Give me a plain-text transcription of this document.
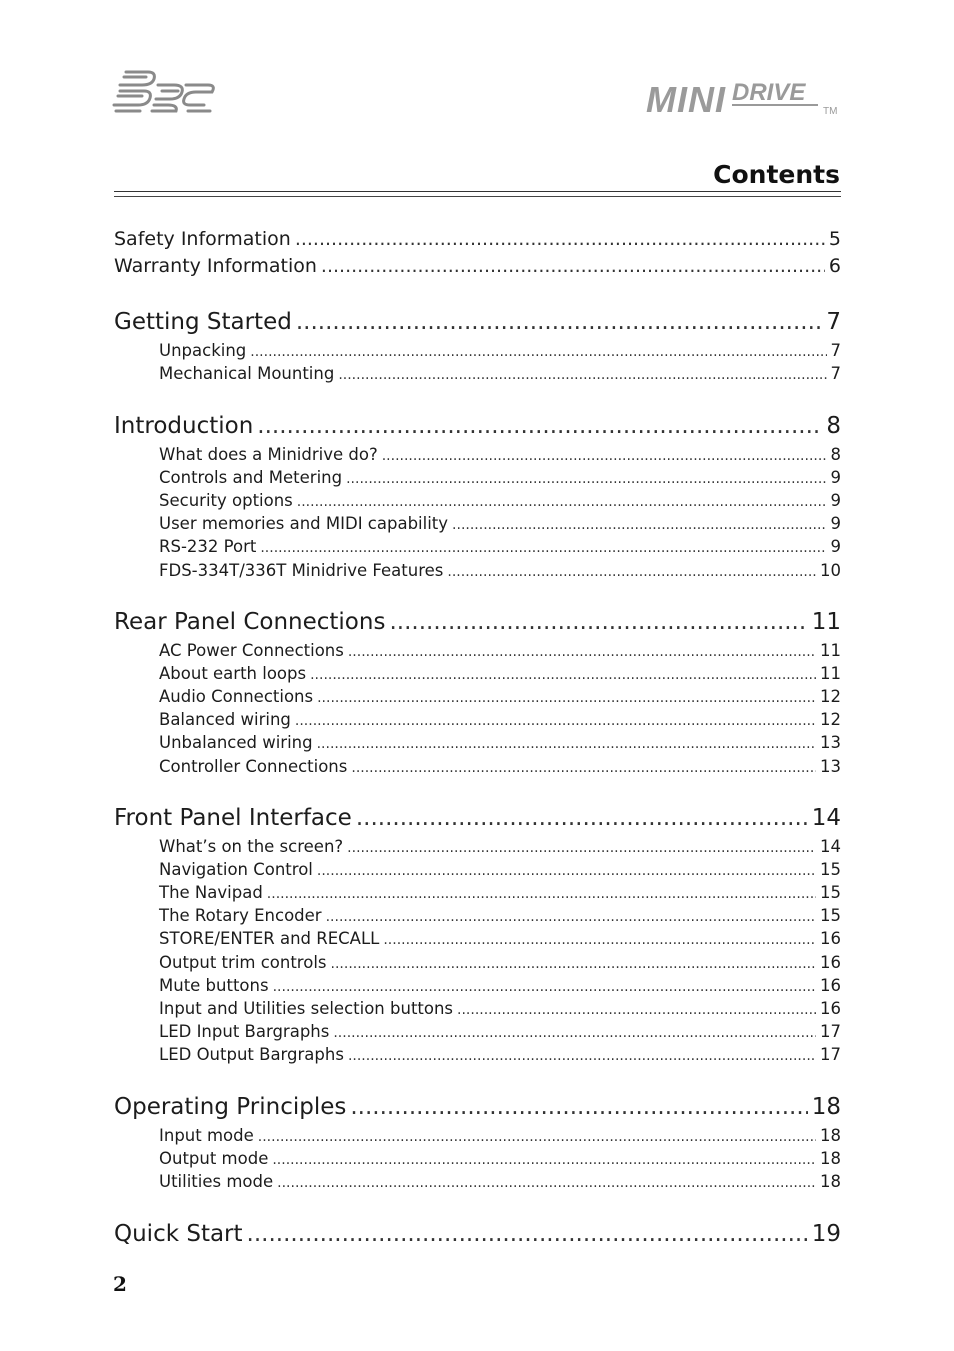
MINI DRIVE
TM
Contents
Safety Information .....	5
Warranty Information .....	6
Getting Started .....	7
Unpacking .....	7
Mechanical Mounting .....	7
Introduction .....	8
What does a Minidrive do? .....	8
Controls and Metering .....	9
Security options .....	9
User memories and MIDI capability .....	9
RS-232 Port .....	9
FDS-334T/336T Minidrive Features .....	10
Rear Panel Connections .....	11
AC Power Connections .....	11
About earth loops .....	11
Audio Connections .....	12
Balanced wiring .....	12
Unbalanced wiring .....	13
Controller Connections .....	13
Front Panel Interface .....	14
What’s on the screen? .....	14
Navigation Control .....	15
The Navipad .....	15
The Rotary Encoder .....	15
STORE/ENTER and RECALL .....	16
Output trim controls .....	16
Mute buttons .....	16
Input and Utilities selection buttons .....	16
LED Input Bargraphs .....	17
LED Output Bargraphs .....	17
Operating Principles .....	18
Input mode .....	18
Output mode .....	18
Utilities mode .....	18
Quick Start .....	19
2
